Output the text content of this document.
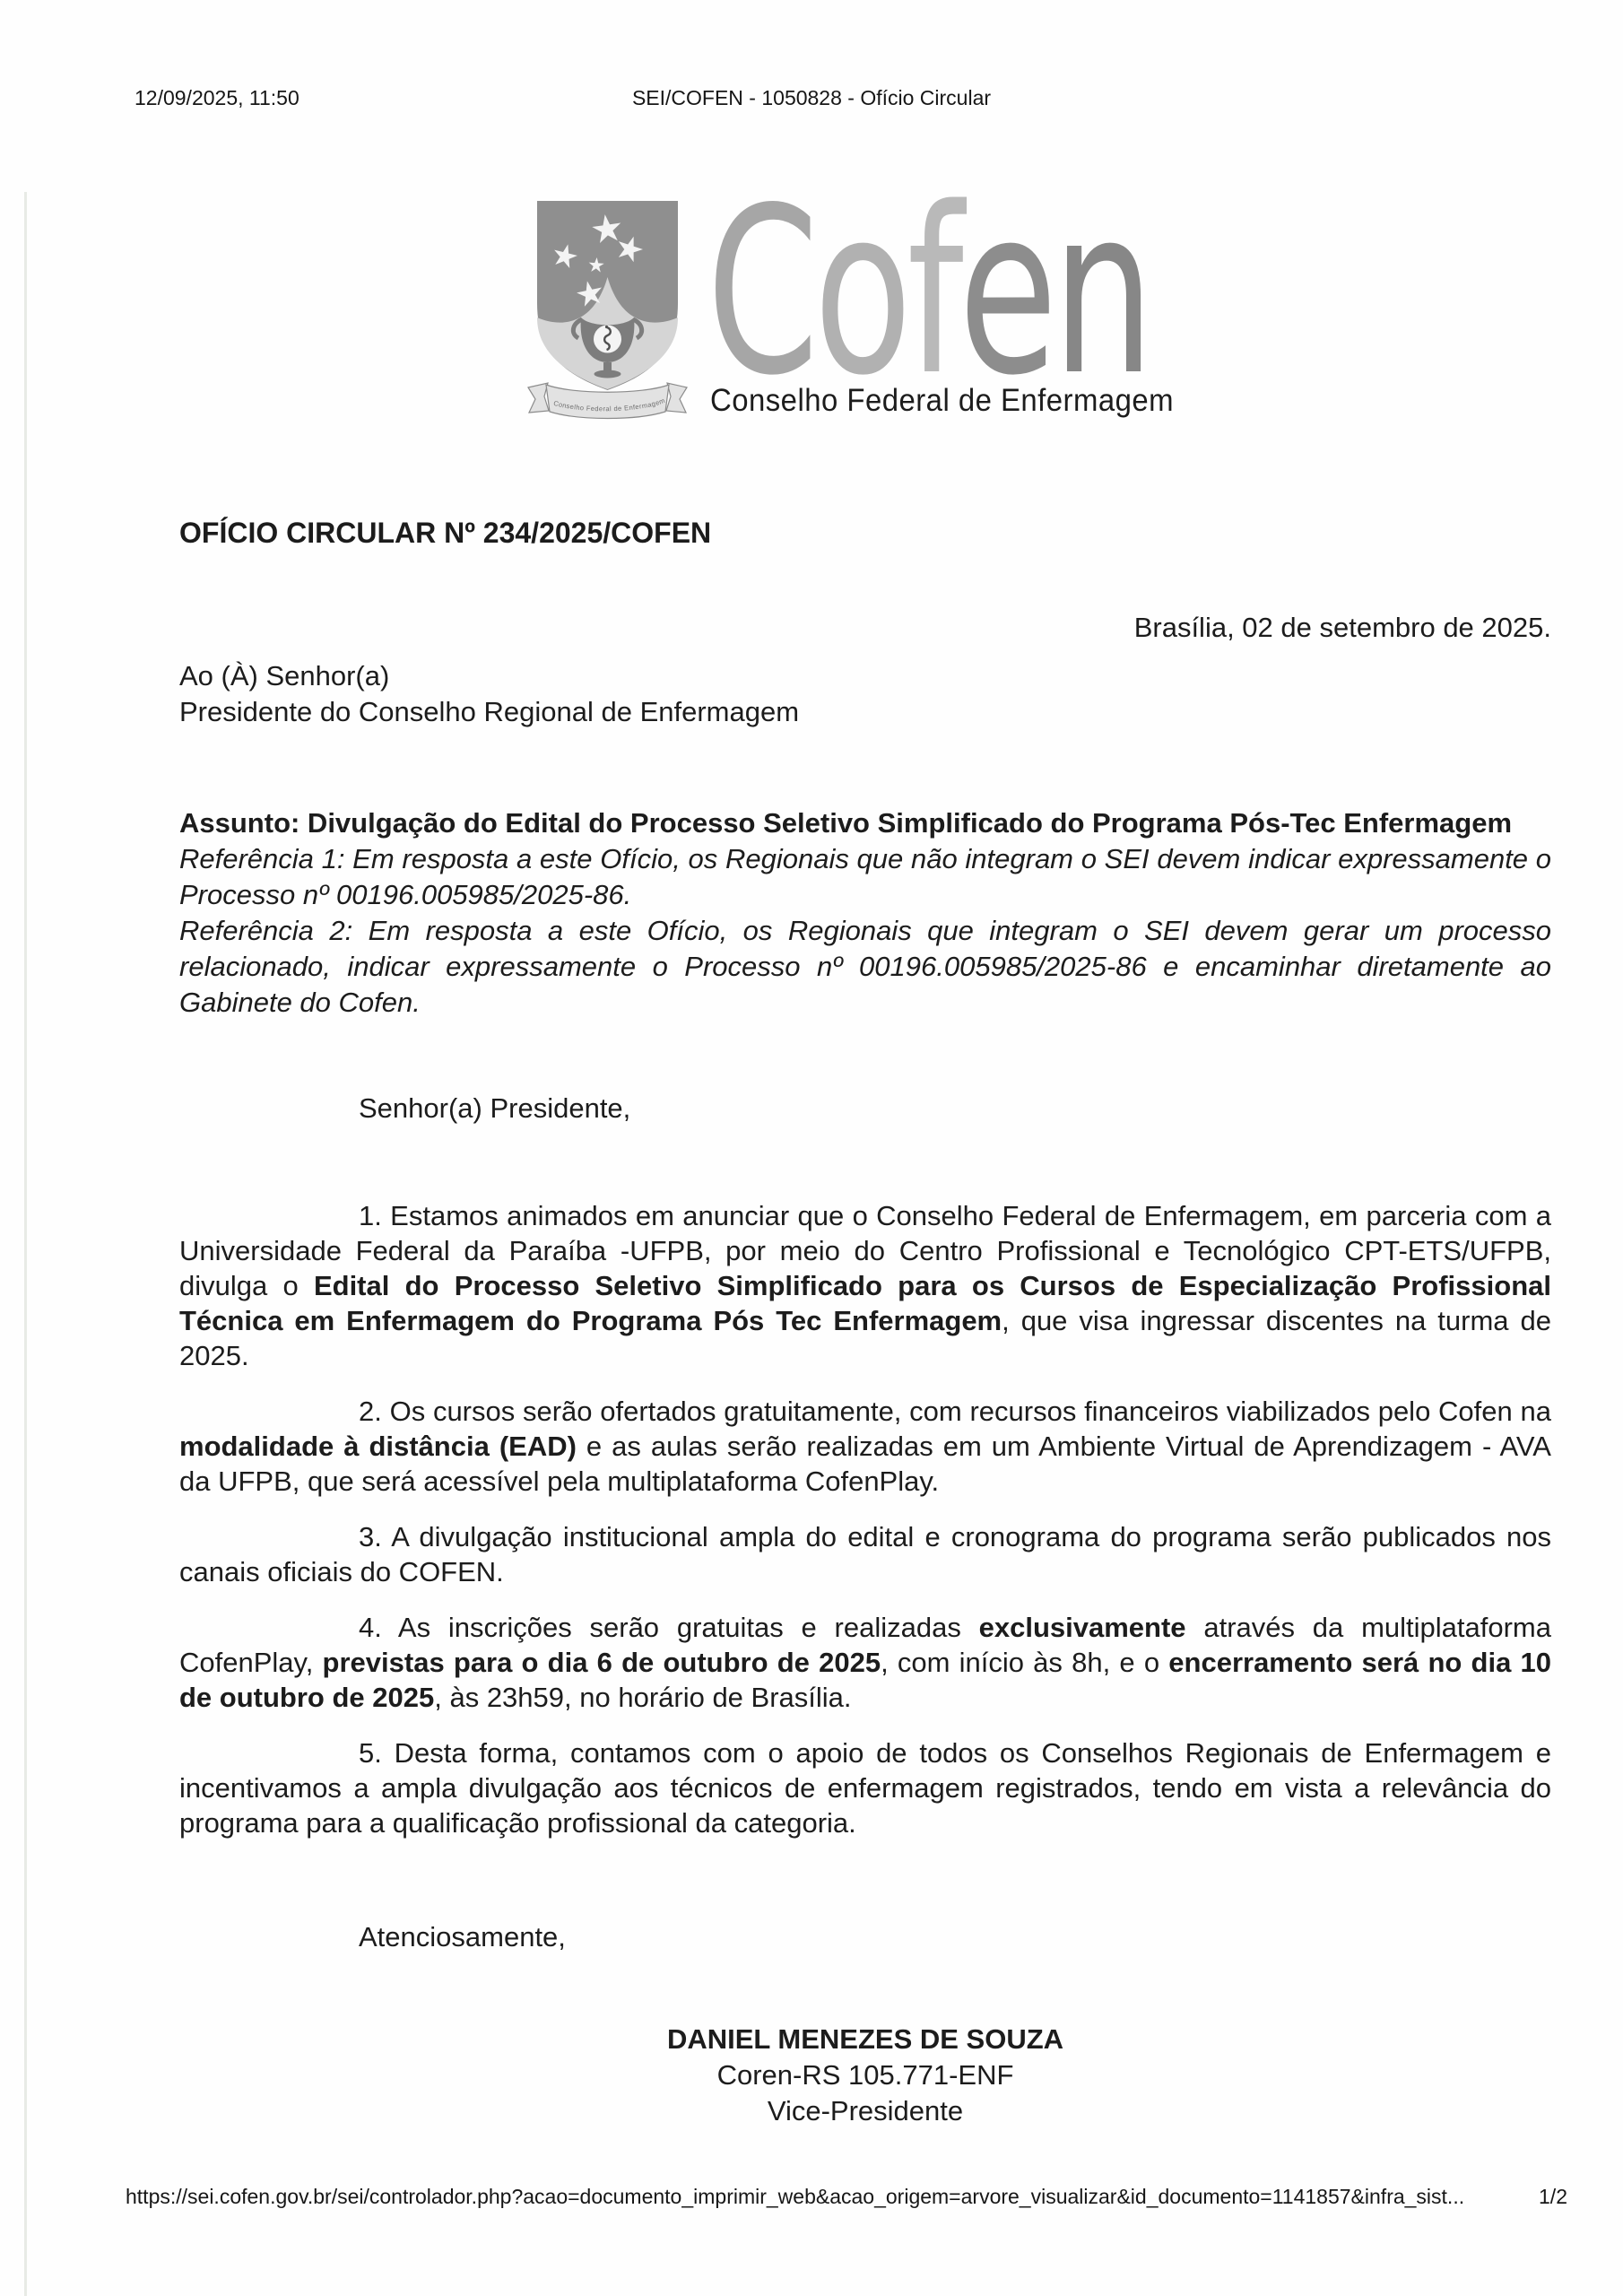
12/09/2025, 11:50	SEI/COFEN - 1050828 - Ofício Circular
Conselho Federal de Enfermagem Cofen
Conselho Federal de Enfermagem
OFÍCIO CIRCULAR Nº 234/2025/COFEN
Brasília, 02 de setembro de 2025.
Ao (À) Senhor(a)
Presidente do Conselho Regional de Enfermagem
Assunto: Divulgação do Edital do Processo Seletivo Simplificado do Programa Pós-Tec Enfermagem
Referência 1: Em resposta a este Ofício, os Regionais que não integram o SEI devem indicar expressamente o Processo nº 00196.005985/2025-86.
Referência 2: Em resposta a este Ofício, os Regionais que integram o SEI devem gerar um processo relacionado, indicar expressamente o Processo nº 00196.005985/2025-86 e encaminhar diretamente ao Gabinete do Cofen.
Senhor(a) Presidente,

1. Estamos animados em anunciar que o Conselho Federal de Enfermagem, em parceria com a Universidade Federal da Paraíba -UFPB, por meio do Centro Profissional e Tecnológico CPT-ETS/UFPB, divulga o Edital do Processo Seletivo Simplificado para os Cursos de Especialização Profissional Técnica em Enfermagem do Programa Pós Tec Enfermagem, que visa ingressar discentes na turma de 2025.

2. Os cursos serão ofertados gratuitamente, com recursos financeiros viabilizados pelo Cofen na modalidade à distância (EAD) e as aulas serão realizadas em um Ambiente Virtual de Aprendizagem - AVA da UFPB, que será acessível pela multiplataforma CofenPlay.

3. A divulgação institucional ampla do edital e cronograma do programa serão publicados nos canais oficiais do COFEN.

4. As inscrições serão gratuitas e realizadas exclusivamente através da multiplataforma CofenPlay, previstas para o dia 6 de outubro de 2025, com início às 8h, e o encerramento será no dia 10 de outubro de 2025, às 23h59, no horário de Brasília.

5. Desta forma, contamos com o apoio de todos os Conselhos Regionais de Enfermagem e incentivamos a ampla divulgação aos técnicos de enfermagem registrados, tendo em vista a relevância do programa para a qualificação profissional da categoria.

Atenciosamente,
DANIEL MENEZES DE SOUZA
Coren-RS 105.771-ENF
Vice-Presidente
https://sei.cofen.gov.br/sei/controlador.php?acao=documento_imprimir_web&acao_origem=arvore_visualizar&id_documento=1141857&infra_sist...	1/2
